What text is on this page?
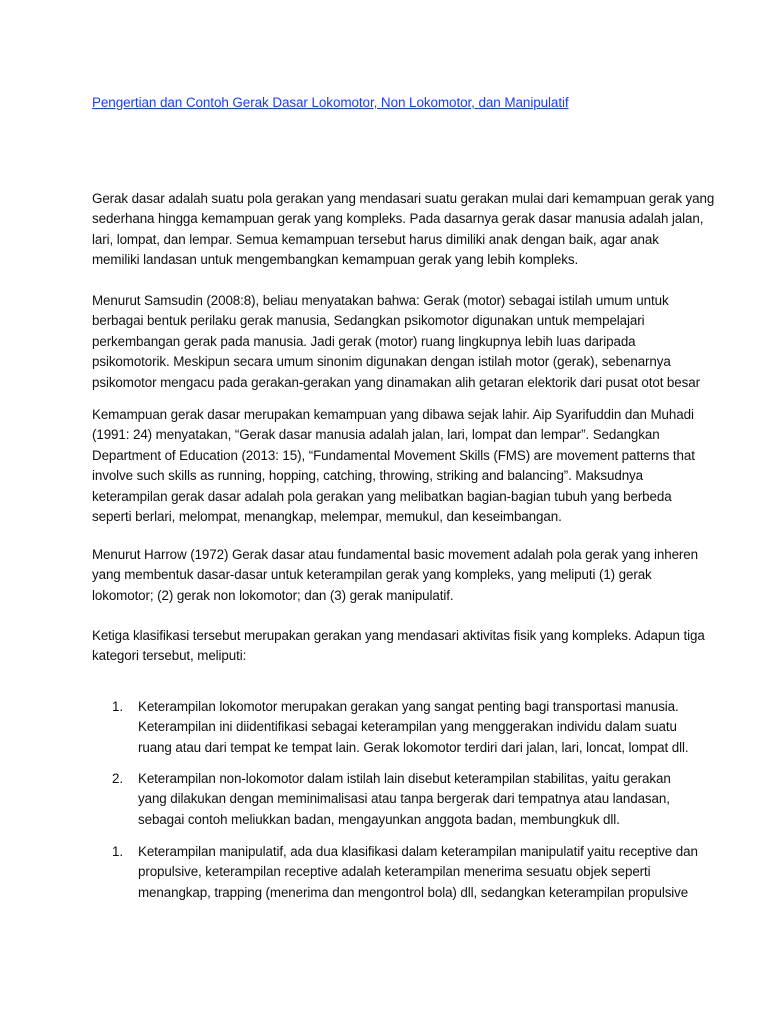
Pengertian dan Contoh Gerak Dasar Lokomotor, Non Lokomotor, dan Manipulatif
Gerak dasar adalah suatu pola gerakan yang mendasari suatu gerakan mulai dari kemampuan gerak yang
sederhana hingga kemampuan gerak yang kompleks. Pada dasarnya gerak dasar manusia adalah jalan,
lari, lompat, dan lempar. Semua kemampuan tersebut harus dimiliki anak dengan baik, agar anak
memiliki landasan untuk mengembangkan kemampuan gerak yang lebih kompleks.
Menurut Samsudin (2008:8), beliau menyatakan bahwa: Gerak (motor) sebagai istilah umum untuk
berbagai bentuk perilaku gerak manusia, Sedangkan psikomotor digunakan untuk mempelajari
perkembangan gerak pada manusia. Jadi gerak (motor) ruang lingkupnya lebih luas daripada
psikomotorik. Meskipun secara umum sinonim digunakan dengan istilah motor (gerak), sebenarnya
psikomotor mengacu pada gerakan-gerakan yang dinamakan alih getaran elektorik dari pusat otot besar
Kemampuan gerak dasar merupakan kemampuan yang dibawa sejak lahir. Aip Syarifuddin dan Muhadi
(1991: 24) menyatakan, “Gerak dasar manusia adalah jalan, lari, lompat dan lempar”. Sedangkan
Department of Education (2013: 15), “Fundamental Movement Skills (FMS) are movement patterns that
involve such skills as running, hopping, catching, throwing, striking and balancing”. Maksudnya
keterampilan gerak dasar adalah pola gerakan yang melibatkan bagian-bagian tubuh yang berbeda
seperti berlari, melompat, menangkap, melempar, memukul, dan keseimbangan.
Menurut Harrow (1972) Gerak dasar atau fundamental basic movement adalah pola gerak yang inheren
yang membentuk dasar-dasar untuk keterampilan gerak yang kompleks, yang meliputi (1) gerak
lokomotor; (2) gerak non lokomotor; dan (3) gerak manipulatif.
Ketiga klasifikasi tersebut merupakan gerakan yang mendasari aktivitas fisik yang kompleks. Adapun tiga
kategori tersebut, meliputi:
1.	Keterampilan lokomotor merupakan gerakan yang sangat penting bagi transportasi manusia.
Keterampilan ini diidentifikasi sebagai keterampilan yang menggerakan individu dalam suatu
ruang atau dari tempat ke tempat lain. Gerak lokomotor terdiri dari jalan, lari, loncat, lompat dll.
2.	Keterampilan non-lokomotor dalam istilah lain disebut keterampilan stabilitas, yaitu gerakan
yang dilakukan dengan meminimalisasi atau tanpa bergerak dari tempatnya atau landasan,
sebagai contoh meliukkan badan, mengayunkan anggota badan, membungkuk dll.
1.	Keterampilan manipulatif, ada dua klasifikasi dalam keterampilan manipulatif yaitu receptive dan
propulsive, keterampilan receptive adalah keterampilan menerima sesuatu objek seperti
menangkap, trapping (menerima dan mengontrol bola) dll, sedangkan keterampilan propulsive
